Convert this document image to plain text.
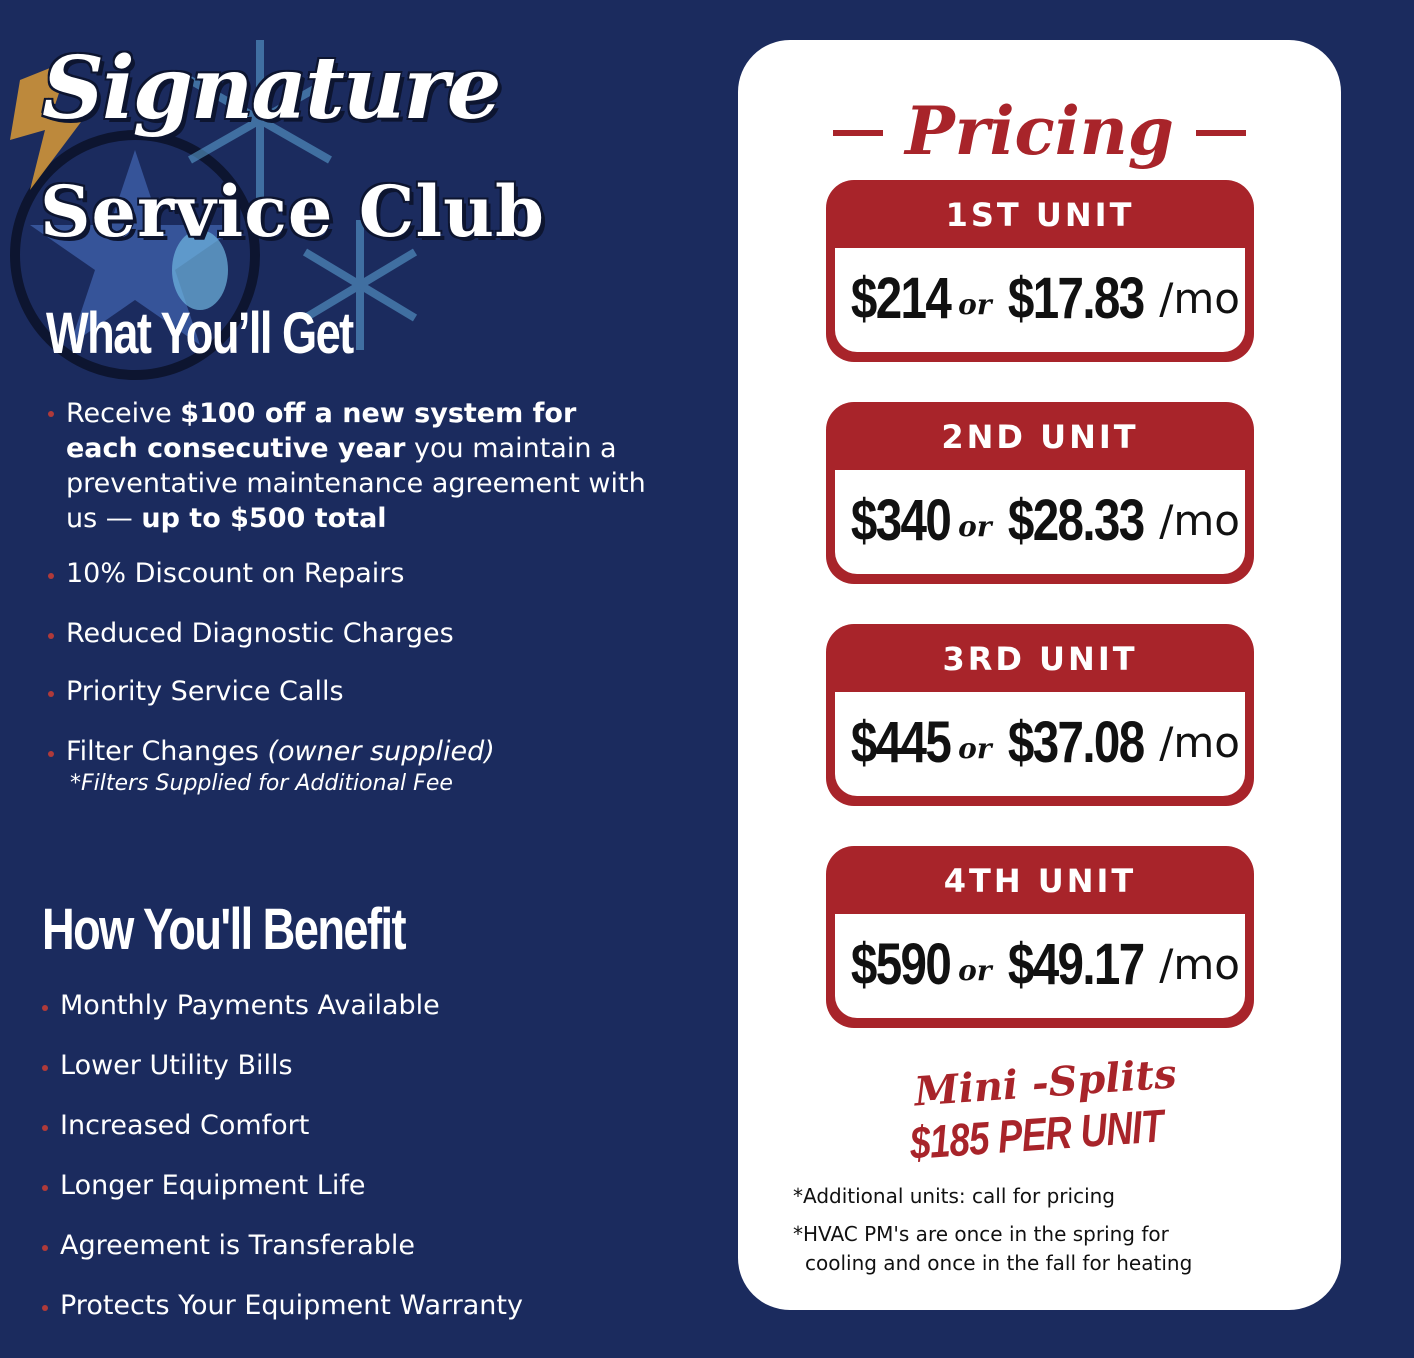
Signature
Service Club
What You’ll Get
Receive $100 off a new system for each consecutive year you maintain a preventative maintenance agreement with us — up to $500 total
10% Discount on Repairs
Reduced Diagnostic Charges
Priority Service Calls
Filter Changes (owner supplied)
*Filters Supplied for Additional Fee
How You'll Benefit
Monthly Payments Available
Lower Utility Bills
Increased Comfort
Longer Equipment Life
Agreement is Transferable
Protects Your Equipment Warranty
Pricing
1ST UNIT
$214 or $17.83 /mo
2ND UNIT
$340 or $28.33 /mo
3RD UNIT
$445 or $37.08 /mo
4TH UNIT
$590 or $49.17 /mo
Mini -Splits
$185 PER UNIT
*Additional units: call for pricing
*HVAC PM's are once in the spring for
cooling and once in the fall for heating
